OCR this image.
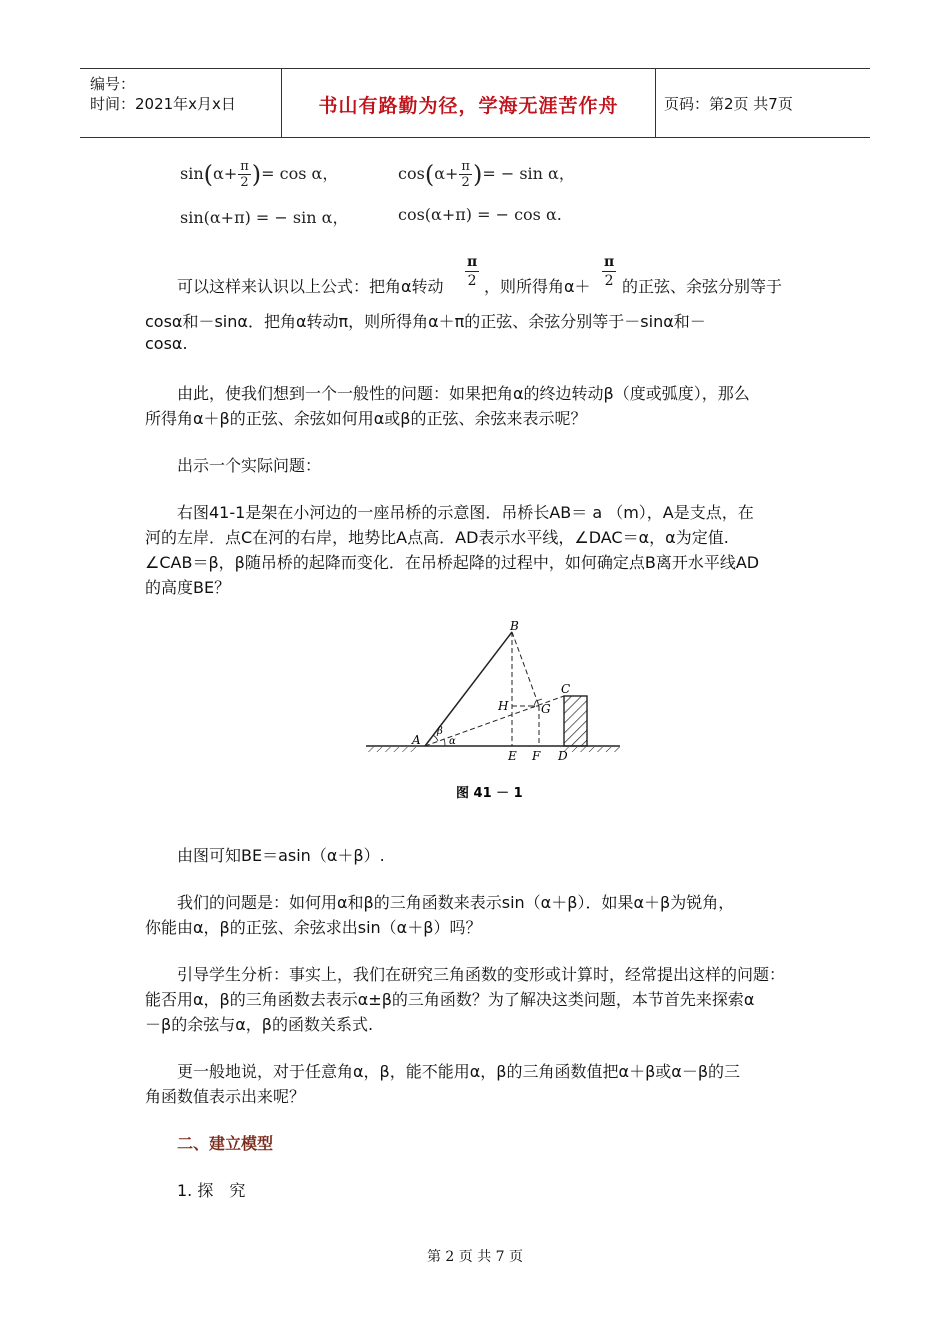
编号：
时间：2021年x月x日	书山有路勤为径，学海无涯苦作舟	页码：第2页 共7页
$\sin(\alpha+ \frac{\pi}{2}$ )= cos α，	$\cos(\alpha+ \frac{\pi}{2}$ )= − sin α，
sin(α+π) = − sin α，	cos(α+π) = − cos α.
可以这样来认识以上公式：把角α转动 $\frac{\pi}{2}$ ，则所得角$\alpha+ \frac{\pi}{2}$ 的正弦、余弦分别等于
cosα和－sinα．把角α转动π，则所得角α＋π的正弦、余弦分别等于－sinα和－
cosα.
由此，使我们想到一个一般性的问题：如果把角α的终边转动β（度或弧度），那么
所得角α＋β的正弦、余弦如何用α或β的正弦、余弦来表示呢？
出示一个实际问题：
右图41-1是架在小河边的一座吊桥的示意图．吊桥长AB＝ a （m），A是支点，在
河的左岸．点C在河的右岸，地势比A点高．AD表示水平线，∠DAC＝α，α为定值.
∠CAB＝β，β随吊桥的起降而变化．在吊桥起降的过程中，如何确定点B离开水平线AD
的高度BE？
B
C
H	G
A
β
α
E F D
图 41 － 1
由图可知BE＝asin（α＋β）.
我们的问题是：如何用α和β的三角函数来表示sin（α＋β）．如果α＋β为锐角，
你能由α，β的正弦、余弦求出sin（α＋β）吗？
引导学生分析：事实上，我们在研究三角函数的变形或计算时，经常提出这样的问题：
能否用α，β的三角函数去表示α±β的三角函数？为了解决这类问题，本节首先来探索α
－β的余弦与α，β的函数关系式.
更一般地说，对于任意角α，β，能不能用α，β的三角函数值把α＋β或α－β的三
角函数值表示出来呢？
二、建立模型
1. 探　究
第 2 页 共 7 页
